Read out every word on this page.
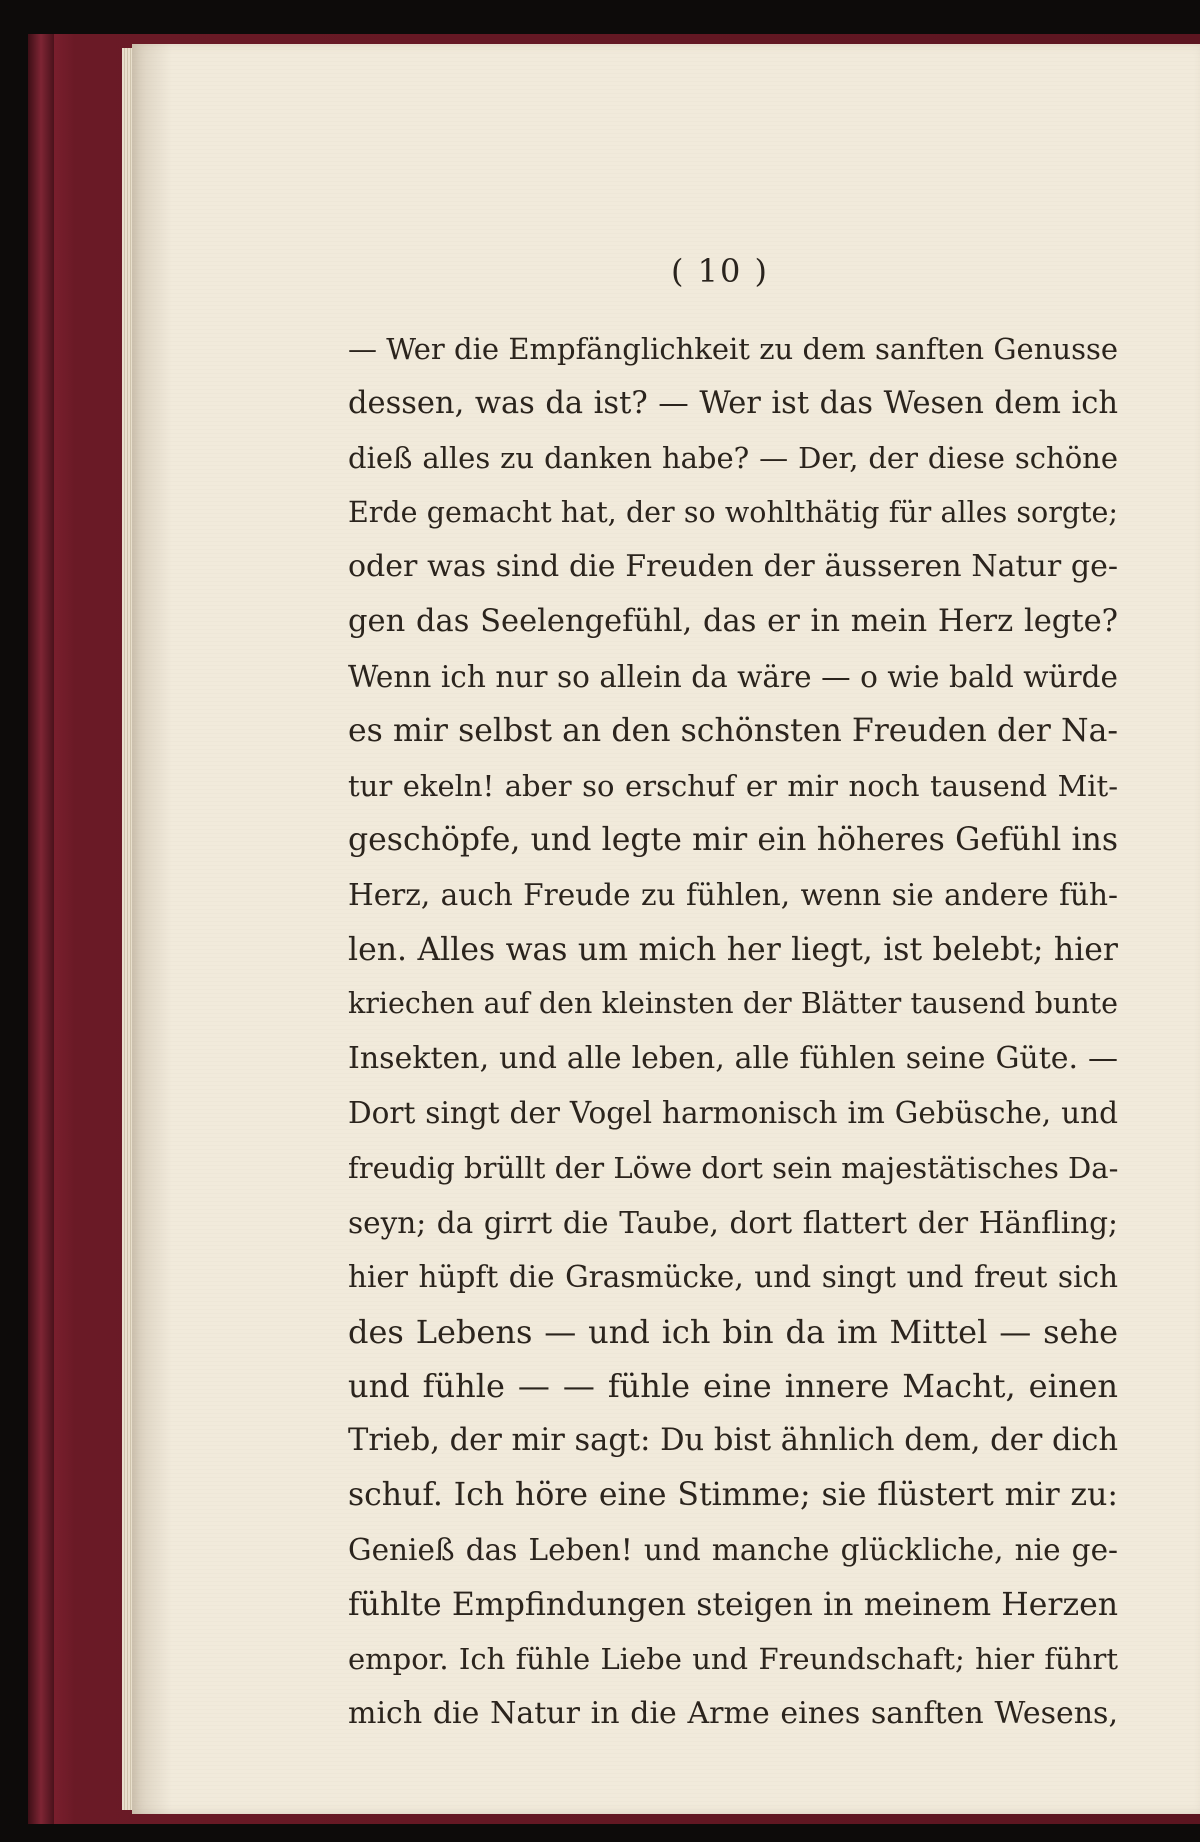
( 10 )
— Wer die Empfänglichkeit zu dem sanften Genusse
dessen, was da ist? — Wer ist das Wesen dem ich
dieß alles zu danken habe? — Der, der diese schöne
Erde gemacht hat, der so wohlthätig für alles sorgte;
oder was sind die Freuden der äusseren Natur ge-
gen das Seelengefühl, das er in mein Herz legte?
Wenn ich nur so allein da wäre — o wie bald würde
es mir selbst an den schönsten Freuden der Na-
tur ekeln! aber so erschuf er mir noch tausend Mit-
geschöpfe, und legte mir ein höheres Gefühl ins
Herz, auch Freude zu fühlen, wenn sie andere füh-
len. Alles was um mich her liegt, ist belebt; hier
kriechen auf den kleinsten der Blätter tausend bunte
Insekten, und alle leben, alle fühlen seine Güte. —
Dort singt der Vogel harmonisch im Gebüsche, und
freudig brüllt der Löwe dort sein majestätisches Da-
seyn; da girrt die Taube, dort flattert der Hänfling;
hier hüpft die Grasmücke, und singt und freut sich
des Lebens — und ich bin da im Mittel — sehe
und fühle — — fühle eine innere Macht, einen
Trieb, der mir sagt: Du bist ähnlich dem, der dich
schuf. Ich höre eine Stimme; sie flüstert mir zu:
Genieß das Leben! und manche glückliche, nie ge-
fühlte Empfindungen steigen in meinem Herzen
empor. Ich fühle Liebe und Freundschaft; hier führt
mich die Natur in die Arme eines sanften Wesens,
